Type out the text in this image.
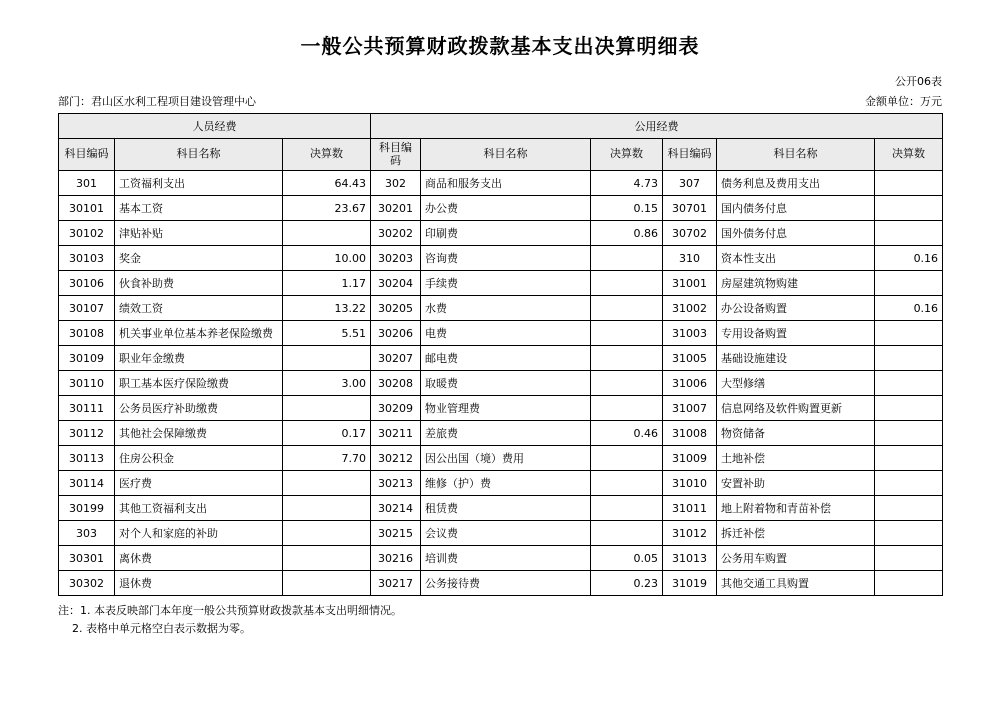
一般公共预算财政拨款基本支出决算明细表
公开06表
部门：君山区水利工程项目建设管理中心	金额单位：万元
人员经费			公用经费					
科目编码	科目名称	决算数	科目编码	科目名称	决算数	科目编码	科目名称	决算数
301	工资福利支出	64.43	302	商品和服务支出	4.73	307	债务利息及费用支出	
30101	基本工资	23.67	30201	办公费	0.15	30701	国内债务付息	
30102	津贴补贴		30202	印刷费	0.86	30702	国外债务付息	
30103	奖金	10.00	30203	咨询费		310	资本性支出	0.16
30106	伙食补助费	1.17	30204	手续费		31001	房屋建筑物购建	
30107	绩效工资	13.22	30205	水费		31002	办公设备购置	0.16
30108	机关事业单位基本养老保险缴费	5.51	30206	电费		31003	专用设备购置	
30109	职业年金缴费		30207	邮电费		31005	基础设施建设	
30110	职工基本医疗保险缴费	3.00	30208	取暖费		31006	大型修缮	
30111	公务员医疗补助缴费		30209	物业管理费		31007	信息网络及软件购置更新	
30112	其他社会保障缴费	0.17	30211	差旅费	0.46	31008	物资储备	
30113	住房公积金	7.70	30212	因公出国（境）费用		31009	土地补偿	
30114	医疗费		30213	维修（护）费		31010	安置补助	
30199	其他工资福利支出		30214	租赁费		31011	地上附着物和青苗补偿	
303	对个人和家庭的补助		30215	会议费		31012	拆迁补偿	
30301	离休费		30216	培训费	0.05	31013	公务用车购置	
30302	退休费		30217	公务接待费	0.23	31019	其他交通工具购置	
注：1. 本表反映部门本年度一般公共预算财政拨款基本支出明细情况。
2. 表格中单元格空白表示数据为零。
